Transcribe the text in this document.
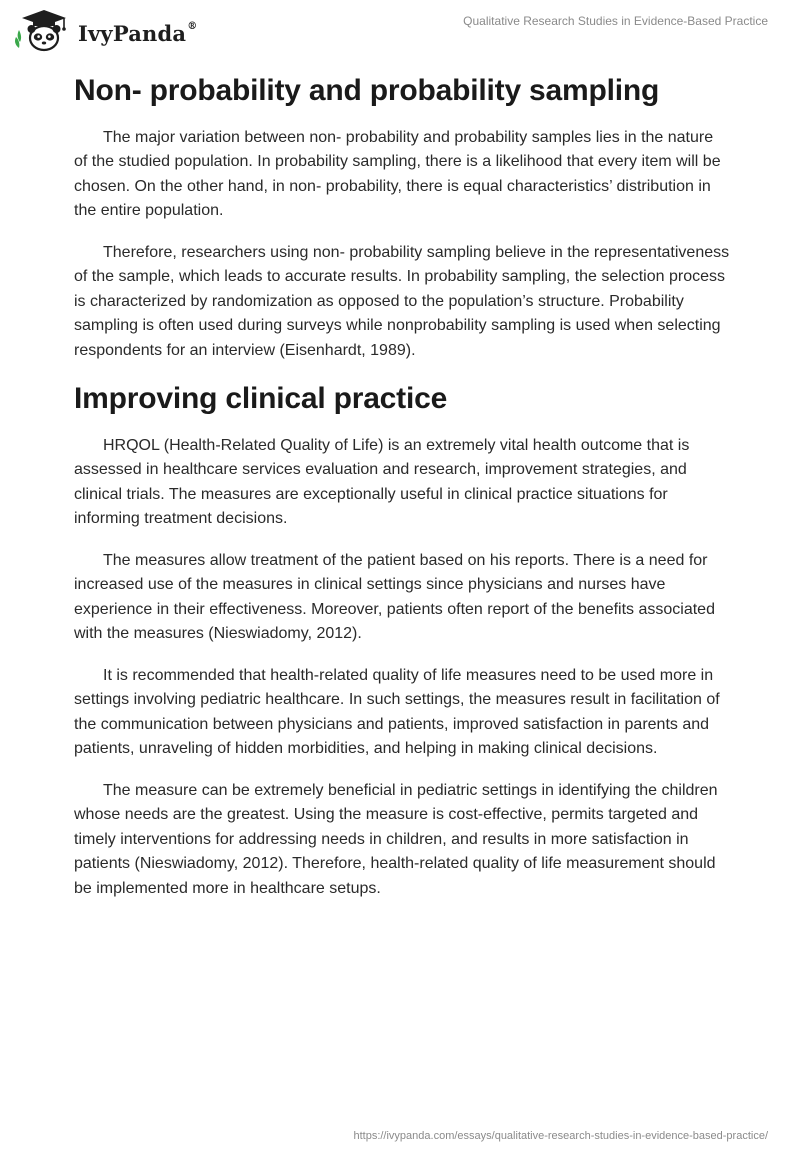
IvyPanda®	Qualitative Research Studies in Evidence-Based Practice
Non- probability and probability sampling

The major variation between non- probability and probability samples lies in the nature of the studied population. In probability sampling, there is a likelihood that every item will be chosen. On the other hand, in non- probability, there is equal characteristics’ distribution in the entire population.

Therefore, researchers using non- probability sampling believe in the representativeness of the sample, which leads to accurate results. In probability sampling, the selection process is characterized by randomization as opposed to the population’s structure. Probability sampling is often used during surveys while nonprobability sampling is used when selecting respondents for an interview (Eisenhardt, 1989).

Improving clinical practice

HRQOL (Health-Related Quality of Life) is an extremely vital health outcome that is assessed in healthcare services evaluation and research, improvement strategies, and clinical trials. The measures are exceptionally useful in clinical practice situations for informing treatment decisions.

The measures allow treatment of the patient based on his reports. There is a need for increased use of the measures in clinical settings since physicians and nurses have experience in their effectiveness. Moreover, patients often report of the benefits associated with the measures (Nieswiadomy, 2012).

It is recommended that health-related quality of life measures need to be used more in settings involving pediatric healthcare. In such settings, the measures result in facilitation of the communication between physicians and patients, improved satisfaction in parents and patients, unraveling of hidden morbidities, and helping in making clinical decisions.

The measure can be extremely beneficial in pediatric settings in identifying the children whose needs are the greatest. Using the measure is cost-effective, permits targeted and timely interventions for addressing needs in children, and results in more satisfaction in patients (Nieswiadomy, 2012). Therefore, health-related quality of life measurement should be implemented more in healthcare setups.

https://ivypanda.com/essays/qualitative-research-studies-in-evidence-based-practice/
